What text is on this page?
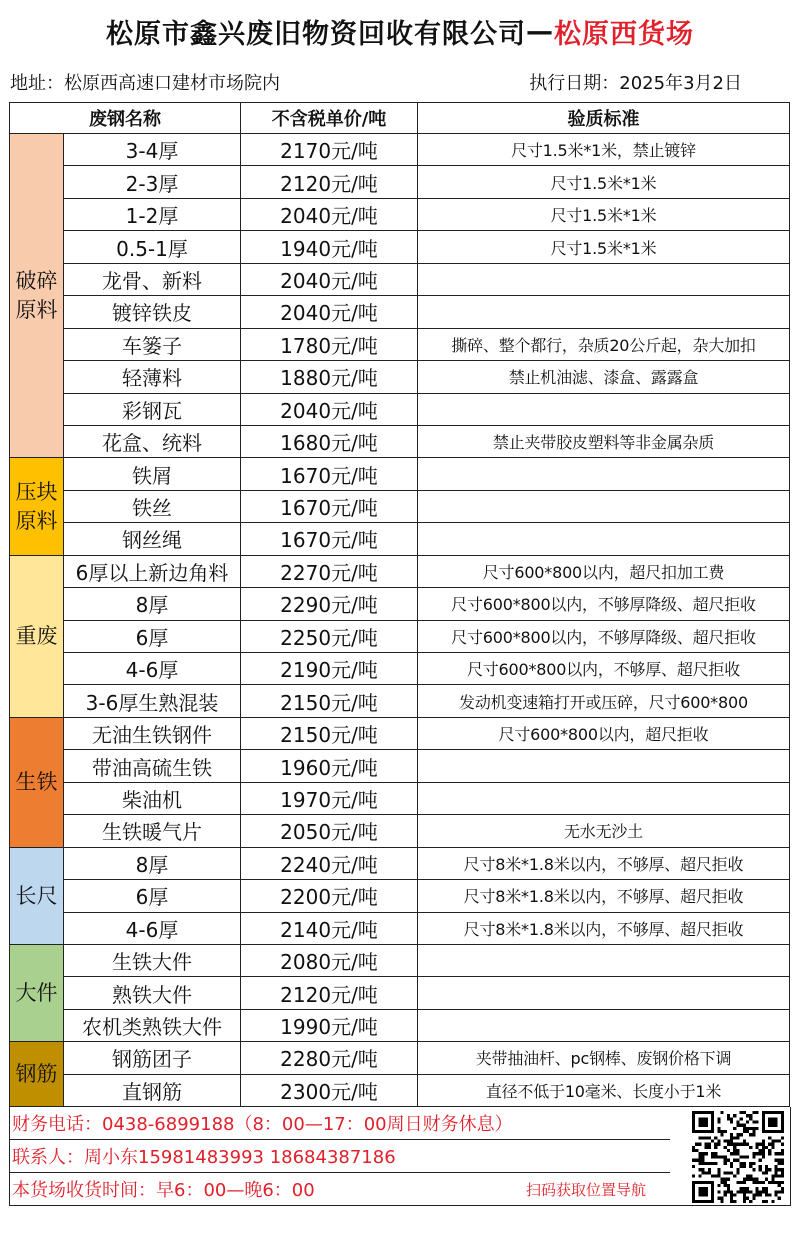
松原市鑫兴废旧物资回收有限公司 — 松原西货场
地址：松原西高速口建材市场院内	执行日期：2025年3月2日
废钢名称		不含税单价/吨	验质标准
破碎
原料	3-4厚	2170元/吨	尺寸1.5米*1米，禁止镀锌
	2-3厚	2120元/吨	尺寸1.5米*1米
	1-2厚	2040元/吨	尺寸1.5米*1米
	0.5-1厚	1940元/吨	尺寸1.5米*1米
	龙骨、新料	2040元/吨	
	镀锌铁皮	2040元/吨	
	车篓子	1780元/吨	撕碎、整个都行，杂质20公斤起，杂大加扣
	轻薄料	1880元/吨	禁止机油滤、漆盒、露露盒
	彩钢瓦	2040元/吨	
	花盒、统料	1680元/吨	禁止夹带胶皮塑料等非金属杂质
压块
原料	铁屑	1670元/吨	
	铁丝	1670元/吨	
	钢丝绳	1670元/吨	
重废	6厚以上新边角料	2270元/吨	尺寸600*800以内，超尺扣加工费
	8厚	2290元/吨	尺寸600*800以内，不够厚降级、超尺拒收
	6厚	2250元/吨	尺寸600*800以内，不够厚降级、超尺拒收
	4-6厚	2190元/吨	尺寸600*800以内，不够厚、超尺拒收
	3-6厚生熟混装	2150元/吨	发动机变速箱打开或压碎，尺寸600*800
生铁	无油生铁钢件	2150元/吨	尺寸600*800以内，超尺拒收
	带油高硫生铁	1960元/吨	
	柴油机	1970元/吨	
	生铁暖气片	2050元/吨	无水无沙土
长尺	8厚	2240元/吨	尺寸8米*1.8米以内，不够厚、超尺拒收
	6厚	2200元/吨	尺寸8米*1.8米以内，不够厚、超尺拒收
	4-6厚	2140元/吨	尺寸8米*1.8米以内，不够厚、超尺拒收
大件	生铁大件	2080元/吨	
	熟铁大件	2120元/吨	
	农机类熟铁大件	1990元/吨	
钢筋	钢筋团子	2280元/吨	夹带抽油杆、pc钢棒、废钢价格下调
	直钢筋	2300元/吨	直径不低于10毫米、长度小于1米
财务电话：0438-6899188（8：00—17：00周日财务休息）
联系人：周小东15981483993 18684387186
本货场收货时间：早6：00—晚6：00	扫码获取位置导航
